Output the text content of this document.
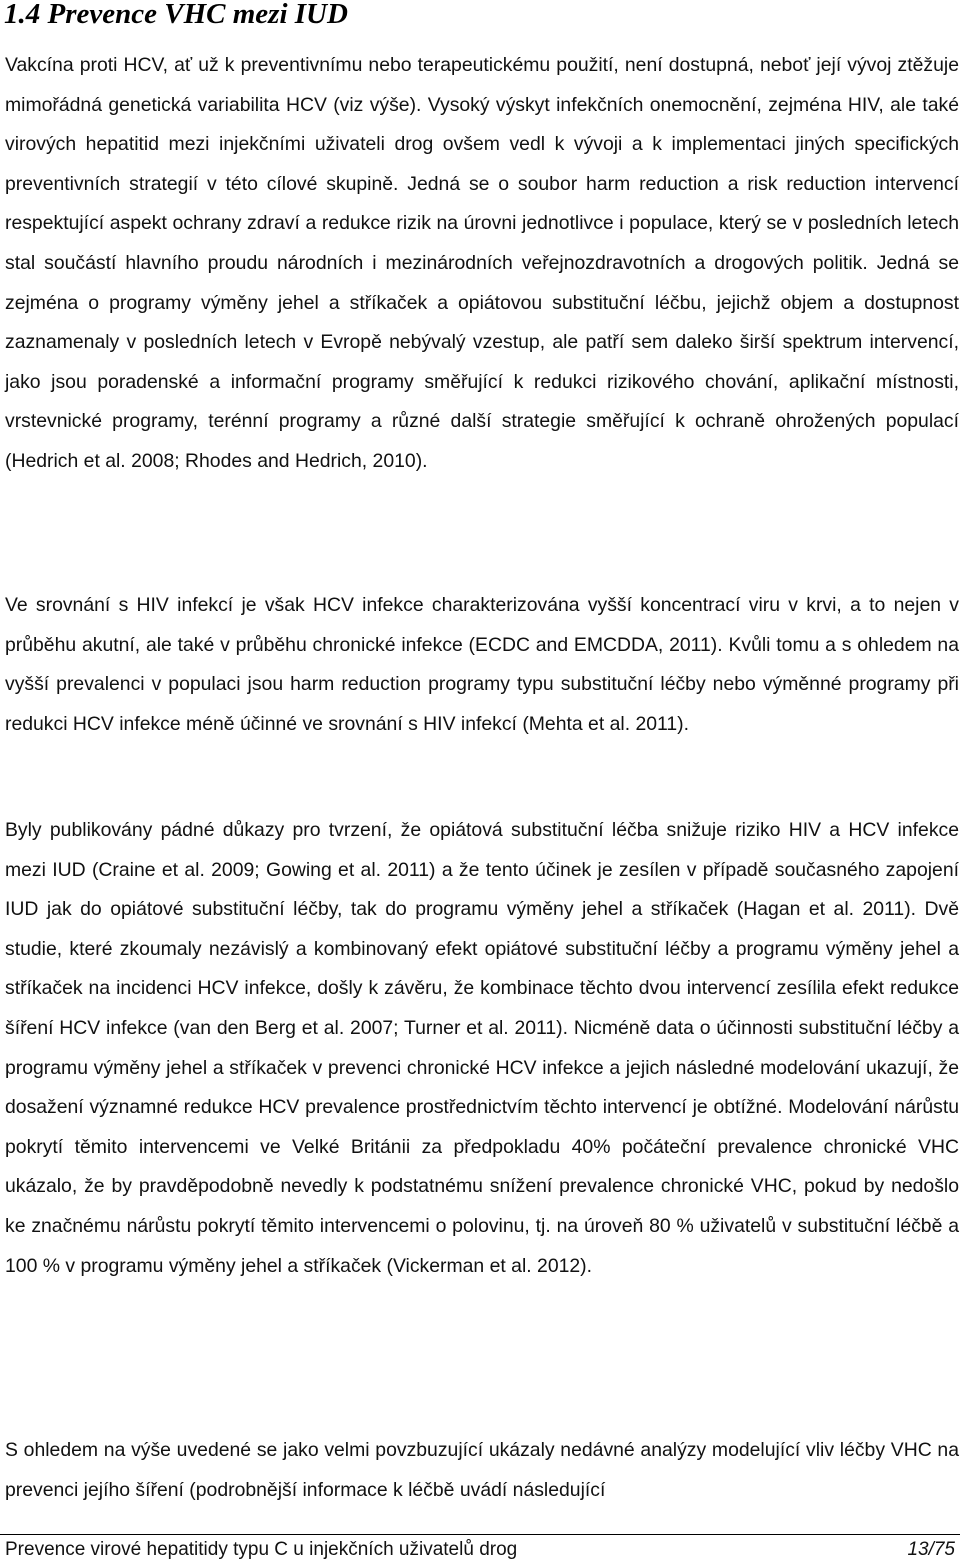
1.4 Prevence VHC mezi IUD

Vakcína proti HCV, ať už k preventivnímu nebo terapeutickému použití, není dostupná, neboť její vývoj ztěžuje mimořádná genetická variabilita HCV (viz výše). Vysoký výskyt infekčních onemocnění, zejména HIV, ale také virových hepatitid mezi injekčními uživateli drog ovšem vedl k vývoji a k implementaci jiných specifických preventivních strategií v této cílové skupině. Jedná se o soubor harm reduction a risk reduction intervencí respektující aspekt ochrany zdraví a redukce rizik na úrovni jednotlivce i populace, který se v posledních letech stal součástí hlavního proudu národních i mezinárodních veřejnozdravotních a drogových politik. Jedná se zejména o programy výměny jehel a stříkaček a opiátovou substituční léčbu, jejichž objem a dostupnost zaznamenaly v posledních letech v Evropě nebývalý vzestup, ale patří sem daleko širší spektrum intervencí, jako jsou poradenské a informační programy směřující k redukci rizikového chování, aplikační místnosti, vrstevnické programy, terénní programy a různé další strategie směřující k ochraně ohrožených populací (Hedrich et al. 2008; Rhodes and Hedrich, 2010).

Ve srovnání s HIV infekcí je však HCV infekce charakterizována vyšší koncentrací viru v krvi, a to nejen v průběhu akutní, ale také v průběhu chronické infekce (ECDC and EMCDDA, 2011). Kvůli tomu a s ohledem na vyšší prevalenci v populaci jsou harm reduction programy typu substituční léčby nebo výměnné programy při redukci HCV infekce méně účinné ve srovnání s HIV infekcí (Mehta et al. 2011).

Byly publikovány pádné důkazy pro tvrzení, že opiátová substituční léčba snižuje riziko HIV a HCV infekce mezi IUD (Craine et al. 2009; Gowing et al. 2011) a že tento účinek je zesílen v případě současného zapojení IUD jak do opiátové substituční léčby, tak do programu výměny jehel a stříkaček (Hagan et al. 2011). Dvě studie, které zkoumaly nezávislý a kombinovaný efekt opiátové substituční léčby a programu výměny jehel a stříkaček na incidenci HCV infekce, došly k závěru, že kombinace těchto dvou intervencí zesílila efekt redukce šíření HCV infekce (van den Berg et al. 2007; Turner et al. 2011). Nicméně data o účinnosti substituční léčby a programu výměny jehel a stříkaček v prevenci chronické HCV infekce a jejich následné modelování ukazují, že dosažení významné redukce HCV prevalence prostřednictvím těchto intervencí je obtížné. Modelování nárůstu pokrytí těmito intervencemi ve Velké Británii za předpokladu 40% počáteční prevalence chronické VHC ukázalo, že by pravděpodobně nevedly k podstatnému snížení prevalence chronické VHC, pokud by nedošlo ke značnému nárůstu pokrytí těmito intervencemi o polovinu, tj. na úroveň 80 % uživatelů v substituční léčbě a 100 % v programu výměny jehel a stříkaček (Vickerman et al. 2012).

S ohledem na výše uvedené se jako velmi povzbuzující ukázaly nedávné analýzy modelující vliv léčby VHC na prevenci jejího šíření (podrobnější informace k léčbě uvádí následující

Prevence virové hepatitidy typu C u injekčních uživatelů drog	13/75
